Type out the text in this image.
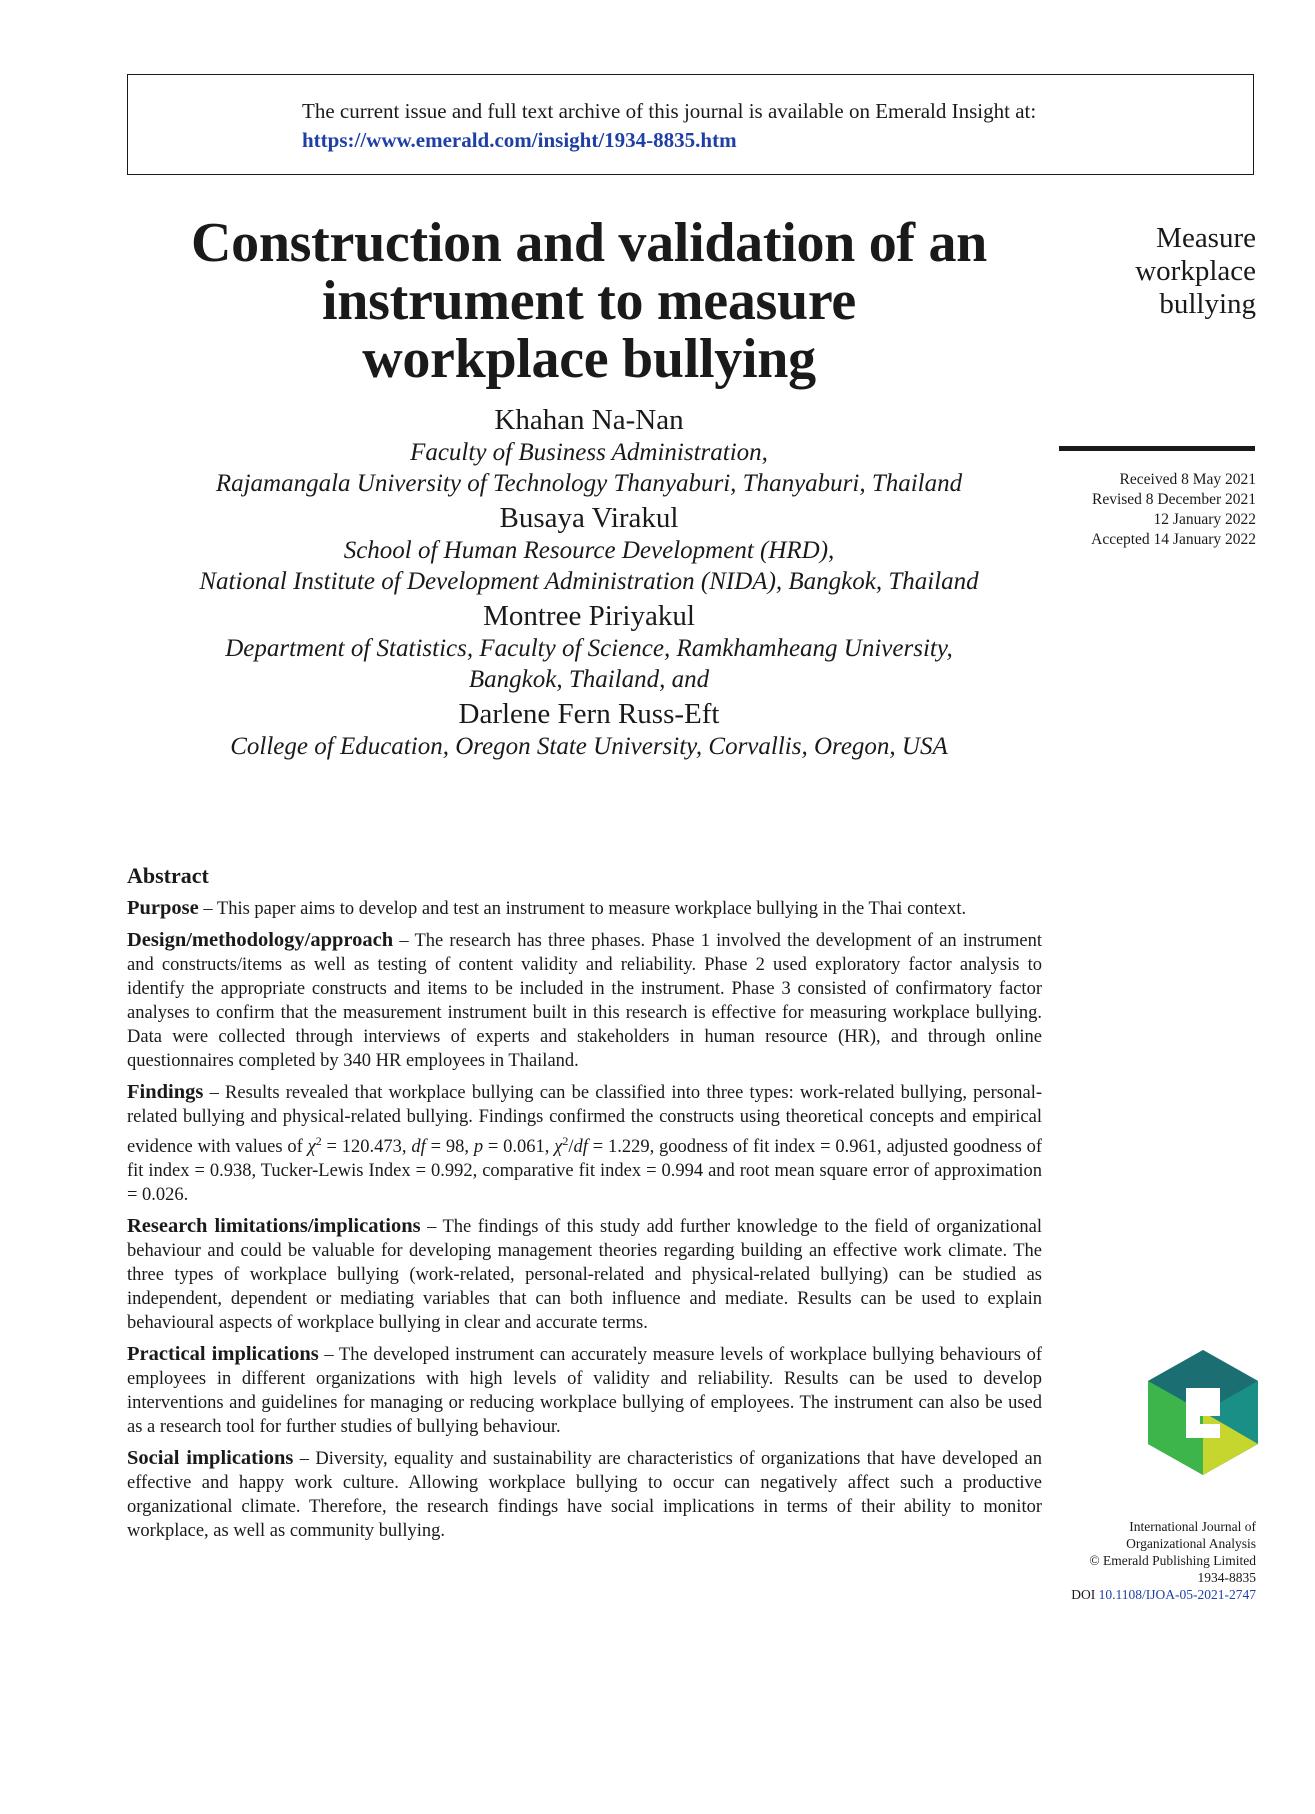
The current issue and full text archive of this journal is available on Emerald Insight at:
https://www.emerald.com/insight/1934-8835.htm
Construction and validation of an
instrument to measure
workplace bullying
Khahan Na-Nan
Faculty of Business Administration,
Rajamangala University of Technology Thanyaburi, Thanyaburi, Thailand
Busaya Virakul
School of Human Resource Development (HRD),
National Institute of Development Administration (NIDA), Bangkok, Thailand
Montree Piriyakul
Department of Statistics, Faculty of Science, Ramkhamheang University,
Bangkok, Thailand, and
Darlene Fern Russ-Eft
College of Education, Oregon State University, Corvallis, Oregon, USA
Measure
workplace
bullying
Received 8 May 2021
Revised 8 December 2021
12 January 2022
Accepted 14 January 2022
Abstract

Purpose – This paper aims to develop and test an instrument to measure workplace bullying in the Thai context.

Design/methodology/approach – The research has three phases. Phase 1 involved the development of an instrument and constructs/items as well as testing of content validity and reliability. Phase 2 used exploratory factor analysis to identify the appropriate constructs and items to be included in the instrument. Phase 3 consisted of confirmatory factor analyses to confirm that the measurement instrument built in this research is effective for measuring workplace bullying. Data were collected through interviews of experts and stakeholders in human resource (HR), and through online questionnaires completed by 340 HR employees in Thailand.

Findings – Results revealed that workplace bullying can be classified into three types: work-related bullying, personal-related bullying and physical-related bullying. Findings confirmed the constructs using theoretical concepts and empirical evidence with values of $\chi^2 = 120.473$, df = 98, p = 0.061, $\chi^2/df = 1.229$, goodness of fit index = 0.961, adjusted goodness of fit index = 0.938, Tucker-Lewis Index = 0.992, comparative fit index = 0.994 and root mean square error of approximation = 0.026.

Research limitations/implications – The findings of this study add further knowledge to the field of organizational behaviour and could be valuable for developing management theories regarding building an effective work climate. The three types of workplace bullying (work-related, personal-related and physical-related bullying) can be studied as independent, dependent or mediating variables that can both influence and mediate. Results can be used to explain behavioural aspects of workplace bullying in clear and accurate terms.

Practical implications – The developed instrument can accurately measure levels of workplace bullying behaviours of employees in different organizations with high levels of validity and reliability. Results can be used to develop interventions and guidelines for managing or reducing workplace bullying of employees. The instrument can also be used as a research tool for further studies of bullying behaviour.

Social implications – Diversity, equality and sustainability are characteristics of organizations that have developed an effective and happy work culture. Allowing workplace bullying to occur can negatively affect such a productive organizational climate. Therefore, the research findings have social implications in terms of their ability to monitor workplace, as well as community bullying.	International Journal of
Organizational Analysis
© Emerald Publishing Limited
1934-8835
DOI 10.1108/IJOA-05-2021-2747
